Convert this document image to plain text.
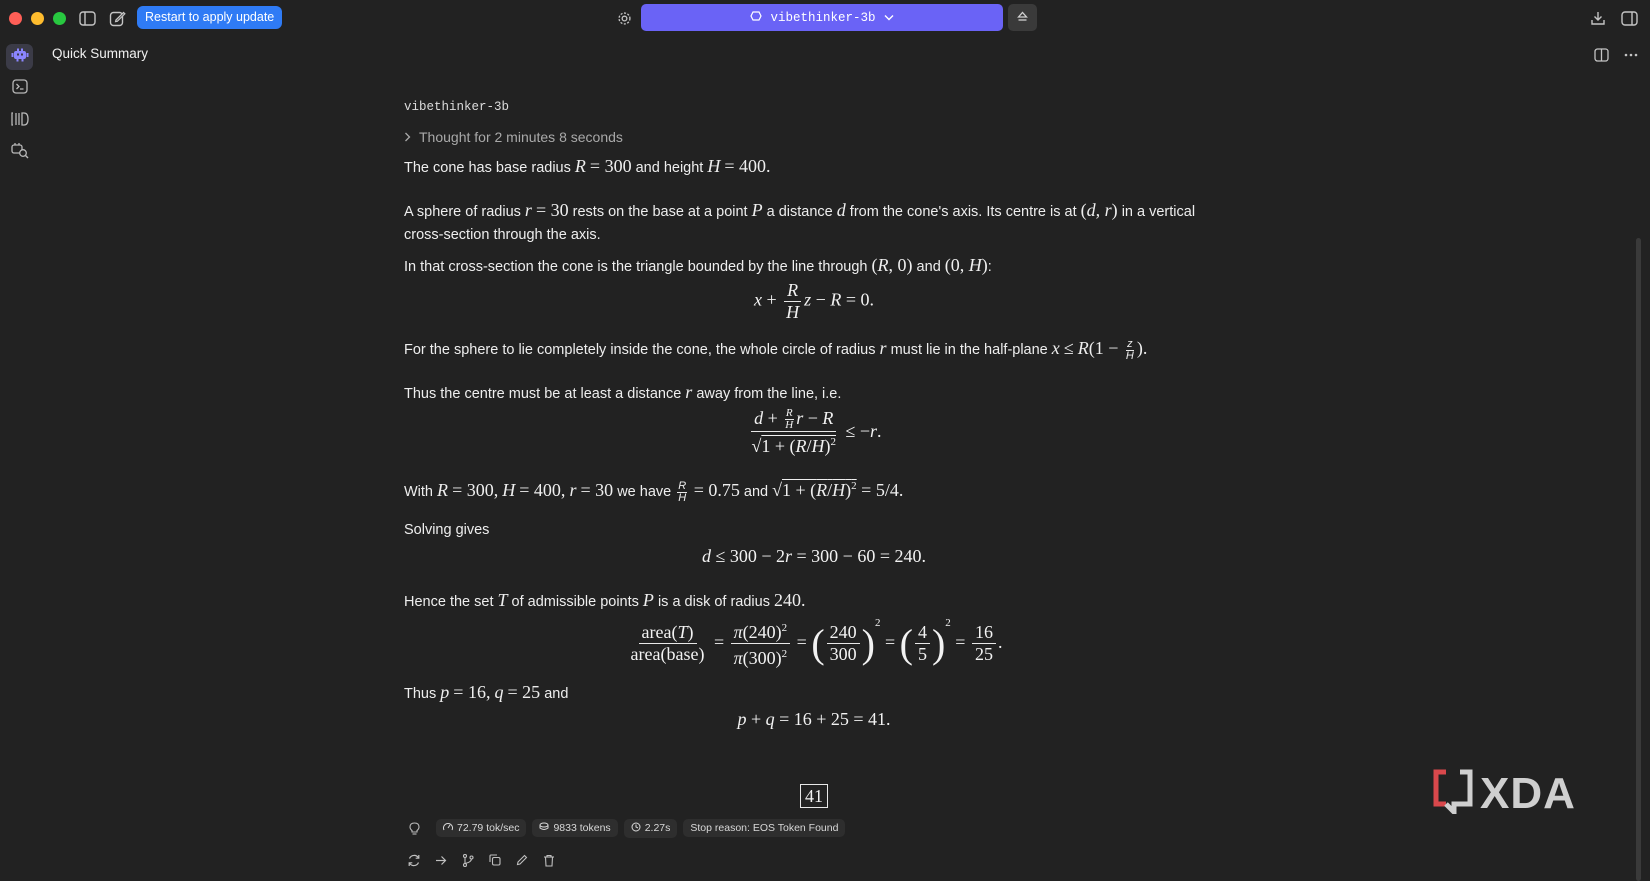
Restart to apply update	vibethinker-3b
Quick Summary
vibethinker-3b
Thought for 2 minutes 8 seconds
The cone has base radius R = 300 and height H = 400.
A sphere of radius r = 30 rests on the base at a point P a distance d from the cone's axis. Its centre is at (d, r) in a vertical
cross-section through the axis.
In that cross-section the cone is the triangle bounded by the line through (R, 0) and (0, H):
$x + \frac{R}{H}$ z − R = 0.
For the sphere to lie completely inside the cone, the whole circle of radius r must lie in the half-plane $x \le R(1 - \frac{z}{H}$ ).
Thus the centre must be at least a distance r away from the line, i.e.
$\frac{d + \frac{R}{H} r - R}{√1 + (R/H)^2} \le -r$.
With R = 300, H = 400, r = 30 we have $\frac{R}{H} = 0.75$ and $√1 + (R/H)^2 = 5/4$.
Solving gives
d ≤ 300 − 2r = 300 − 60 = 240.
Hence the set T of admissible points P is a disk of radius 240.
$\frac{\text{area(T)}}{\text{area(base)}} = \frac{\pi(240)^2}{\pi(300)^2}$ = ( $\frac{240}{300} )^2$ = ( $\frac{4}{5} )^2 = \frac{16}{25}$ .
Thus p = 16, q = 25 and
p + q = 16 + 25 = 41.
41
72.79 tok/sec	9833 tokens	2.27s Stop reason: EOS Token Found
XDA
